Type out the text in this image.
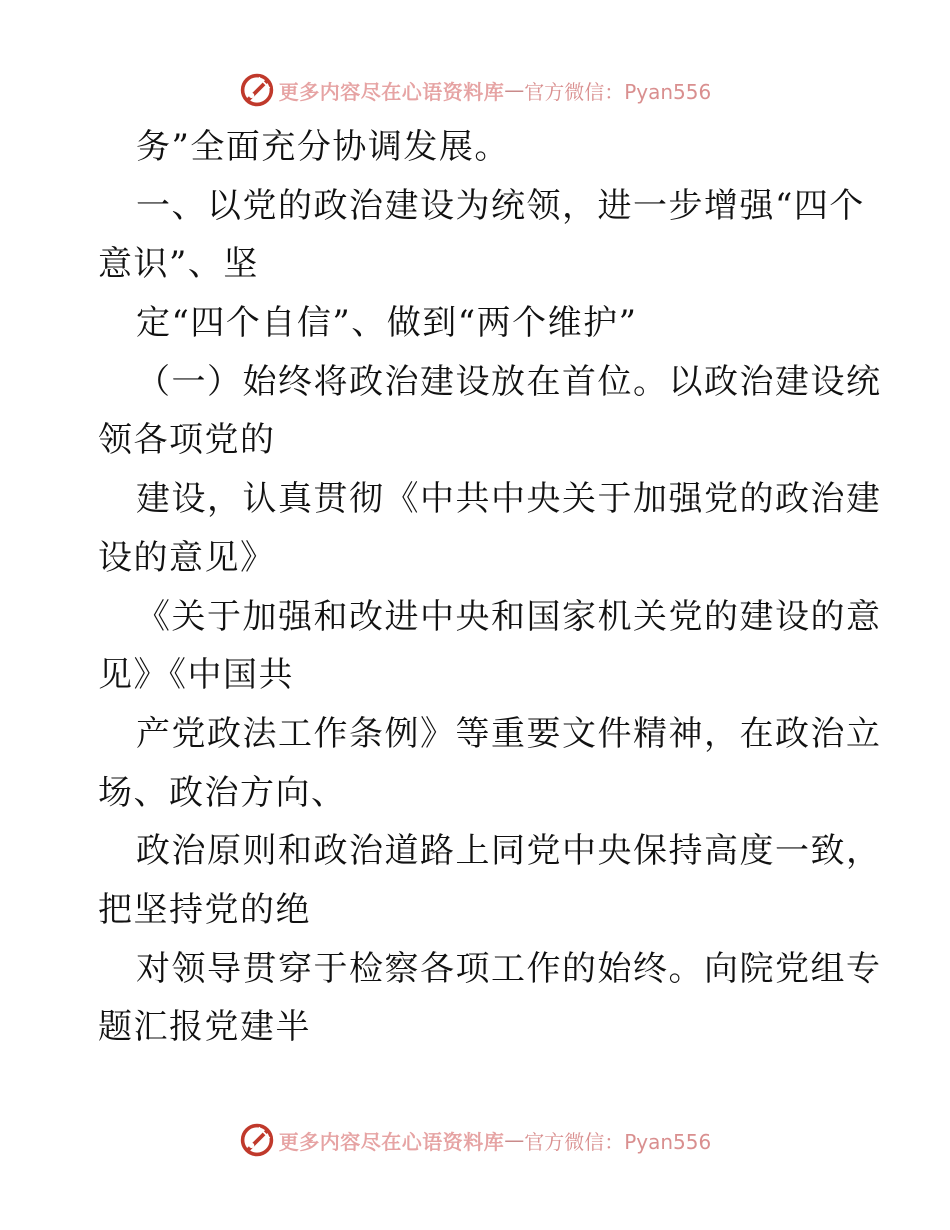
更多内容尽在心语资料库 — 官方微信：Pyan556
务”全面充分协调发展。
一、以党的政治建设为统领，进一步增强“四个
意识”、坚
定“四个自信”、做到“两个维护”
（一）始终将政治建设放在首位。以政治建设统
领各项党的
建设，认真贯彻《中共中央关于加强党的政治建
设的意见》
《关于加强和改进中央和国家机关党的建设的意
见》《中国共
产党政法工作条例》等重要文件精神，在政治立
场、政治方向、
政治原则和政治道路上同党中央保持高度一致，
把坚持党的绝
对领导贯穿于检察各项工作的始终。向院党组专
题汇报党建半
更多内容尽在心语资料库 — 官方微信：Pyan556
